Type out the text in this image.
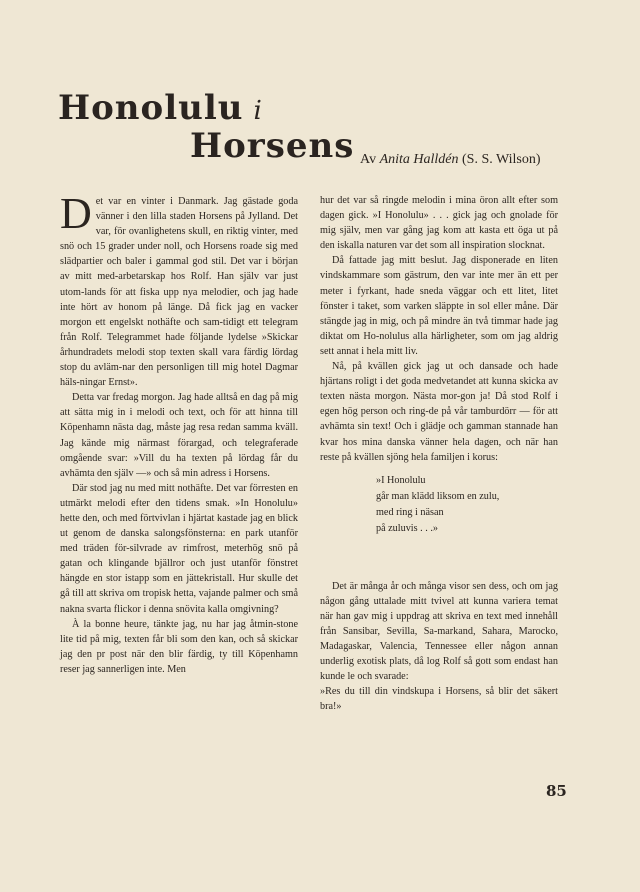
Honolulu i
Horsens Av Anita Halldén (S. S. Wilson)

Det var en vinter i Danmark. Jag gästade goda vänner i den lilla staden Horsens på Jylland. Det var, för ovanlighetens skull, en riktig vinter, med snö och 15 grader under noll, och Horsens roade sig med slädpartier och baler i gammal god stil. Det var i början av mitt med-arbetarskap hos Rolf. Han själv var just utom-lands för att fiska upp nya melodier, och jag hade inte hört av honom på länge. Då fick jag en vacker morgon ett engelskt nothäfte och sam-tidigt ett telegram från Rolf. Telegrammet hade följande lydelse »Skickar århundradets melodi stop texten skall vara färdig lördag stop du avläm-nar den personligen till mig hotel Dagmar häls-ningar Ernst».

Detta var fredag morgon. Jag hade alltså en dag på mig att sätta mig in i melodi och text, och för att hinna till Köpenhamn nästa dag, måste jag resa redan samma kväll. Jag kände mig närmast förargad, och telegraferade omgående svar: »Vill du ha texten på lördag får du avhämta den själv —» och så min adress i Horsens.

Där stod jag nu med mitt nothäfte. Det var förresten en utmärkt melodi efter den tidens smak. »In Honolulu» hette den, och med förtvivlan i hjärtat kastade jag en blick ut genom de danska salongsfönsterna: en park utanför med träden för-silvrade av rimfrost, meterhög snö på gatan och klingande bjällror och just utanför fönstret hängde en stor istapp som en jättekristall. Hur skulle det gå till att skriva om tropisk hetta, vajande palmer och små nakna svarta flickor i denna snövita kalla omgivning?

À la bonne heure, tänkte jag, nu har jag åtmin-stone lite tid på mig, texten får bli som den kan, och så skickar jag den pr post när den blir färdig, ty till Köpenhamn reser jag sannerligen inte. Men

hur det var så ringde melodin i mina öron allt efter som dagen gick. »I Honolulu» . . . gick jag och gnolade för mig själv, men var gång jag kom att kasta ett öga ut på den iskalla naturen var det som all inspiration slocknat.

Då fattade jag mitt beslut. Jag disponerade en liten vindskammare som gästrum, den var inte mer än ett per meter i fyrkant, hade sneda väggar och ett litet, litet fönster i taket, som varken släppte in sol eller måne. Där stängde jag in mig, och på mindre än två timmar hade jag diktat om Ho-nolulus alla härligheter, som om jag aldrig sett annat i hela mitt liv.

Nå, på kvällen gick jag ut och dansade och hade hjärtans roligt i det goda medvetandet att kunna skicka av texten nästa morgon. Nästa mor-gon ja! Då stod Rolf i egen hög person och ring-de på vår tamburdörr — för att avhämta sin text! Och i glädje och gamman stannade han kvar hos mina danska vänner hela dagen, och när han reste på kvällen sjöng hela familjen i korus:

»I Honolulu
går man klädd liksom en zulu,
med ring i näsan
på zuluvis . . .»

Det är många år och många visor sen dess, och om jag någon gång uttalade mitt tvivel att kunna variera temat när han gav mig i uppdrag att skriva en text med innehåll från Sansibar, Sevilla, Sa-markand, Sahara, Marocko, Madagaskar, Valencia, Tennessee eller någon annan underlig exotisk plats, då log Rolf så gott som endast han kunde le och svarade:

»Res du till din vindskupa i Horsens, så blir det säkert bra!»

85
